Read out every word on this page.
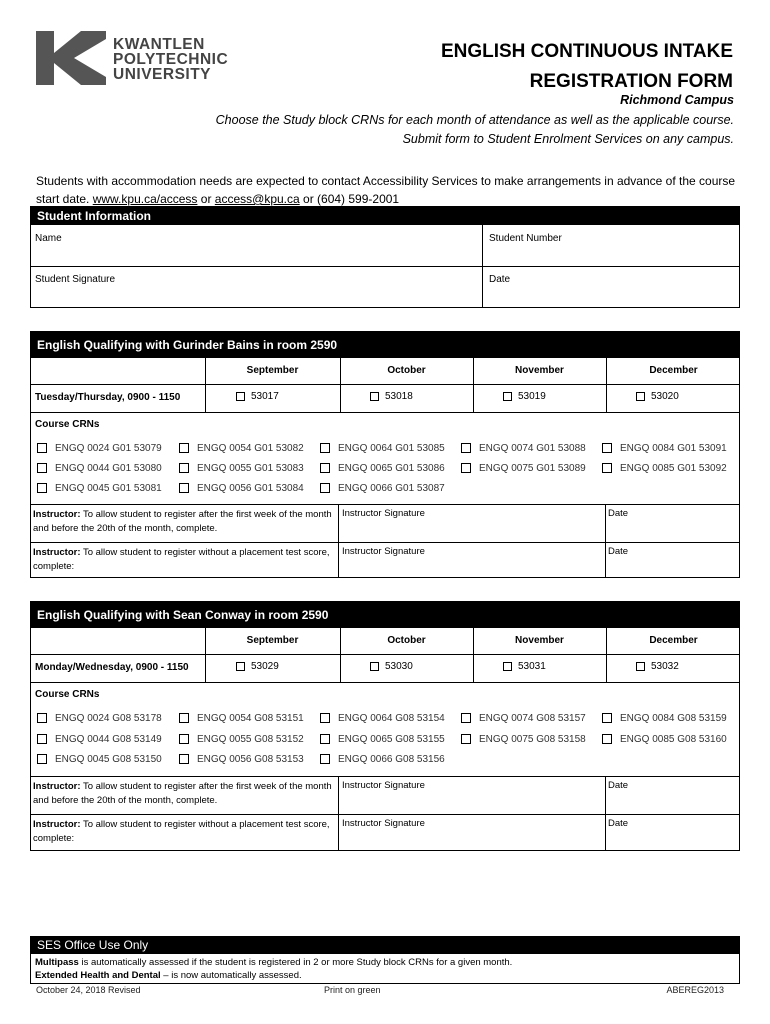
KWANTLEN
POLYTECHNIC
UNIVERSITY
ENGLISH CONTINUOUS INTAKE
REGISTRATION FORM
Richmond Campus
Choose the Study block CRNs for each month of attendance as well as the applicable course. Submit form to Student Enrolment Services on any campus.
Students with accommodation needs are expected to contact Accessibility Services to make arrangements in advance of the course start date. www.kpu.ca/access or access@kpu.ca or (604) 599-2001
Student Information
Name	Student Number
Student Signature	Date
English Qualifying with Gurinder Bains in room 2590
September	October	November	December
Tuesday/Thursday, 0900 - 1150	53017	53018	53019	53020
Course CRNs
ENGQ 0024 G01 53079	ENGQ 0054 G01 53082	ENGQ 0064 G01 53085	ENGQ 0074 G01 53088	ENGQ 0084 G01 53091
ENGQ 0044 G01 53080	ENGQ 0055 G01 53083	ENGQ 0065 G01 53086	ENGQ 0075 G01 53089	ENGQ 0085 G01 53092
ENGQ 0045 G01 53081	ENGQ 0056 G01 53084	ENGQ 0066 G01 53087
Instructor: To allow student to register after the first week of the month and before the 20th of the month, complete.
Instructor Signature	Date
Instructor: To allow student to register without a placement test score, complete:
Instructor Signature	Date
English Qualifying with Sean Conway in room 2590
September	October	November	December
Monday/Wednesday, 0900 - 1150	53029	53030	53031	53032
Course CRNs
ENGQ 0024 G08 53178	ENGQ 0054 G08 53151	ENGQ 0064 G08 53154	ENGQ 0074 G08 53157	ENGQ 0084 G08 53159
ENGQ 0044 G08 53149	ENGQ 0055 G08 53152	ENGQ 0065 G08 53155	ENGQ 0075 G08 53158	ENGQ 0085 G08 53160
ENGQ 0045 G08 53150	ENGQ 0056 G08 53153	ENGQ 0066 G08 53156
Instructor: To allow student to register after the first week of the month and before the 20th of the month, complete.
Instructor Signature	Date
Instructor: To allow student to register without a placement test score, complete:
Instructor Signature	Date
SES Office Use Only
Multipass is automatically assessed if the student is registered in 2 or more Study block CRNs for a given month.
Extended Health and Dental – is now automatically assessed.
October 24, 2018 Revised	Print on green	ABEREG2013
